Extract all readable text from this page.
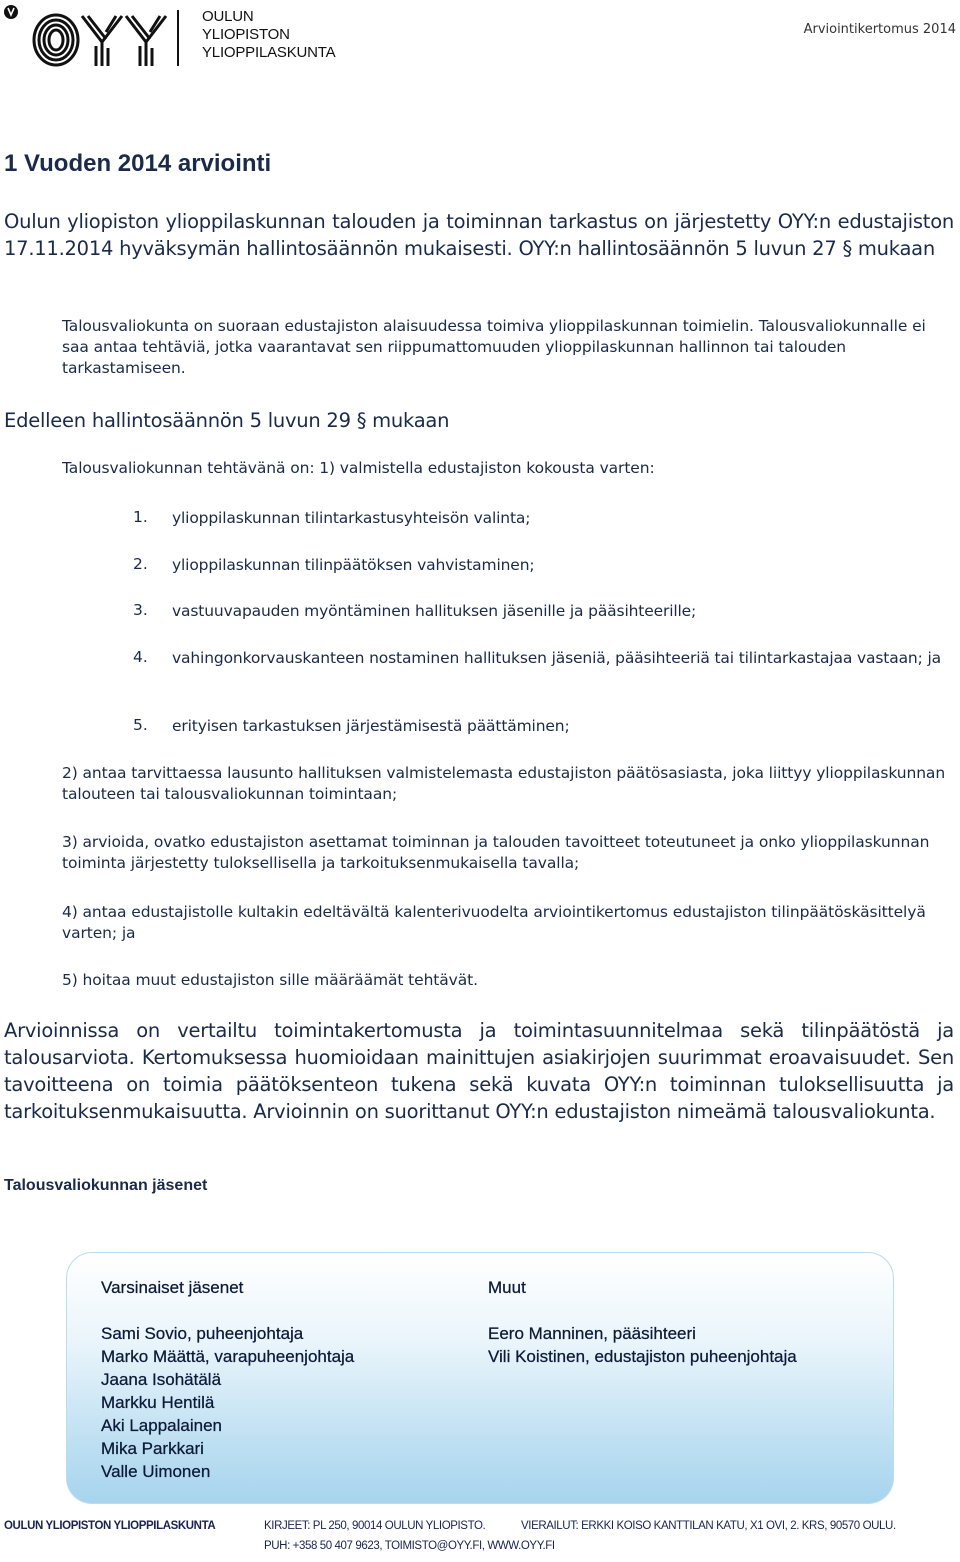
OULUN
YLIOPISTON
YLIOPPILASKUNTA
Arviointikertomus 2014
1 Vuoden 2014 arviointi
Oulun yliopiston ylioppilaskunnan talouden ja toiminnan tarkastus on järjestetty OYY:n edustajiston 17.11.2014 hyväksymän hallintosäännön mukaisesti. OYY:n hallintosäännön 5 luvun 27 § mukaan
Talousvaliokunta on suoraan edustajiston alaisuudessa toimiva ylioppilaskunnan toimielin. Talousvaliokunnalle ei saa antaa tehtäviä, jotka vaarantavat sen riippumattomuuden ylioppilaskunnan hallinnon tai talouden tarkastamiseen.
Edelleen hallintosäännön 5 luvun 29 § mukaan
Talousvaliokunnan tehtävänä on: 1) valmistella edustajiston kokousta varten:
1. ylioppilaskunnan tilintarkastusyhteisön valinta;
2. ylioppilaskunnan tilinpäätöksen vahvistaminen;
3. vastuuvapauden myöntäminen hallituksen jäsenille ja pääsihteerille;
4. vahingonkorvauskanteen nostaminen hallituksen jäseniä, pääsihteeriä tai tilintarkastajaa vastaan; ja
5. erityisen tarkastuksen järjestämisestä päättäminen;
2) antaa tarvittaessa lausunto hallituksen valmistelemasta edustajiston päätösasiasta, joka liittyy ylioppilaskunnan talouteen tai talousvaliokunnan toimintaan;
3) arvioida, ovatko edustajiston asettamat toiminnan ja talouden tavoitteet toteutuneet ja onko ylioppilaskunnan toiminta järjestetty tuloksellisella ja tarkoituksenmukaisella tavalla;
4) antaa edustajistolle kultakin edeltävältä kalenterivuodelta arviointikertomus edustajiston tilinpäätöskäsittelyä varten; ja
5) hoitaa muut edustajiston sille määräämät tehtävät.
Arvioinnissa on vertailtu toimintakertomusta ja toimintasuunnitelmaa sekä tilinpäätöstä ja talousarviota. Kertomuksessa huomioidaan mainittujen asiakirjojen suurimmat eroavaisuudet. Sen tavoitteena on toimia päätöksenteon tukena sekä kuvata OYY:n toiminnan tuloksellisuutta ja tarkoituksenmukaisuutta. Arvioinnin on suorittanut OYY:n edustajiston nimeämä talousvaliokunta.
Talousvaliokunnan jäsenet
Varsinaiset jäsenet
Sami Sovio, puheenjohtaja
Marko Määttä, varapuheenjohtaja
Jaana Isohätälä
Markku Hentilä
Aki Lappalainen
Mika Parkkari
Valle Uimonen
Muut
Eero Manninen, pääsihteeri
Vili Koistinen, edustajiston puheenjohtaja
OULUN YLIOPISTON YLIOPPILASKUNTA	KIRJEET: PL 250, 90014 OULUN YLIOPISTO.	VIERAILUT: ERKKI KOISO KANTTILAN KATU, X1 OVI, 2. KRS, 90570 OULU.
PUH: +358 50 407 9623, TOIMISTO@OYY.FI, WWW.OYY.FI
